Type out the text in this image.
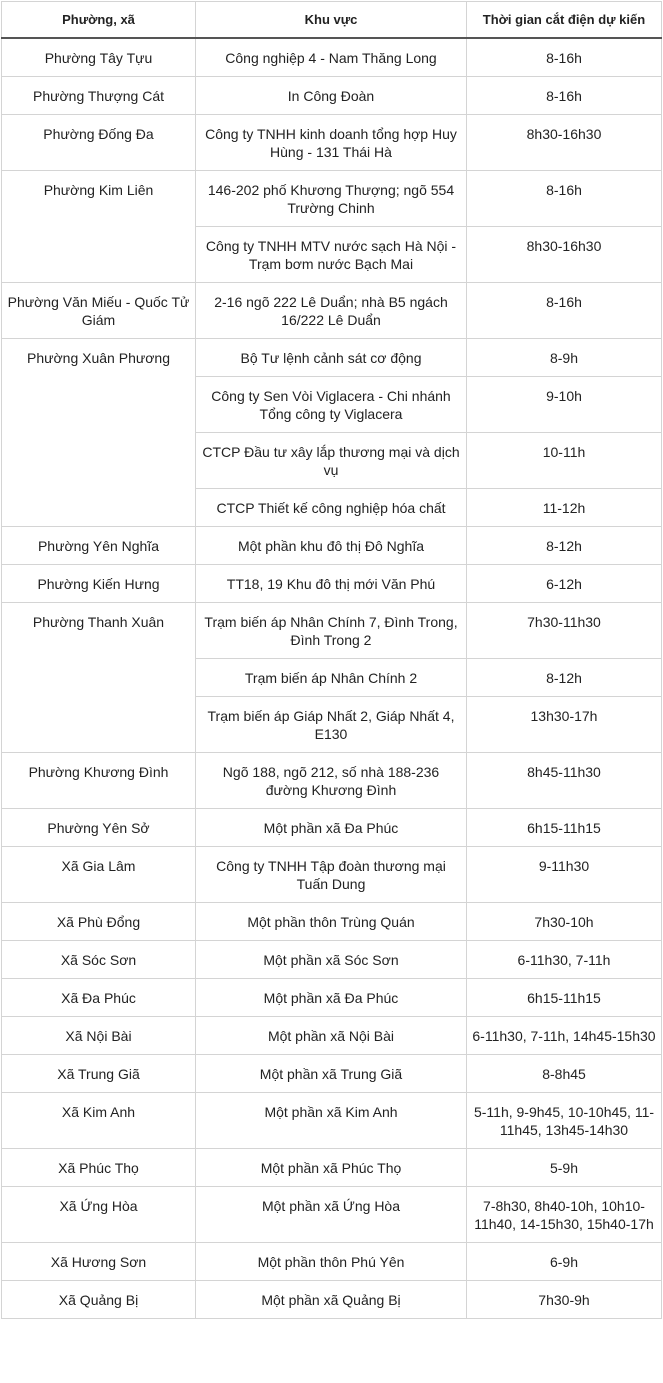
Phường, xã	Khu vực	Thời gian cắt điện dự kiến
Phường Tây Tựu	Công nghiệp 4 - Nam Thăng Long	8-16h
Phường Thượng Cát	In Công Đoàn	8-16h
Phường Đống Đa	Công ty TNHH kinh doanh tổng hợp Huy Hùng - 131 Thái Hà	8h30-16h30
Phường Kim Liên	146-202 phố Khương Thượng; ngõ 554 Trường Chinh	8-16h
	Công ty TNHH MTV nước sạch Hà Nội - Trạm bơm nước Bạch Mai	8h30-16h30
Phường Văn Miếu - Quốc Tử Giám	2-16 ngõ 222 Lê Duẩn; nhà B5 ngách 16/222 Lê Duẩn	8-16h
Phường Xuân Phương	Bộ Tư lệnh cảnh sát cơ động	8-9h
	Công ty Sen Vòi Viglacera - Chi nhánh Tổng công ty Viglacera	9-10h
	CTCP Đầu tư xây lắp thương mại và dịch vụ	10-11h
	CTCP Thiết kế công nghiệp hóa chất	11-12h
Phường Yên Nghĩa	Một phần khu đô thị Đô Nghĩa	8-12h
Phường Kiến Hưng	TT18, 19 Khu đô thị mới Văn Phú	6-12h
Phường Thanh Xuân	Trạm biến áp Nhân Chính 7, Đình Trong, Đình Trong 2	7h30-11h30
	Trạm biến áp Nhân Chính 2	8-12h
	Trạm biến áp Giáp Nhất 2, Giáp Nhất 4, E130	13h30-17h
Phường Khương Đình	Ngõ 188, ngõ 212, số nhà 188-236 đường Khương Đình	8h45-11h30
Phường Yên Sở	Một phần xã Đa Phúc	6h15-11h15
Xã Gia Lâm	Công ty TNHH Tập đoàn thương mại Tuấn Dung	9-11h30
Xã Phù Đổng	Một phần thôn Trùng Quán	7h30-10h
Xã Sóc Sơn	Một phần xã Sóc Sơn	6-11h30, 7-11h
Xã Đa Phúc	Một phần xã Đa Phúc	6h15-11h15
Xã Nội Bài	Một phần xã Nội Bài	6-11h30, 7-11h, 14h45-15h30
Xã Trung Giã	Một phần xã Trung Giã	8-8h45
Xã Kim Anh	Một phần xã Kim Anh	5-11h, 9-9h45, 10-10h45, 11-11h45, 13h45-14h30
Xã Phúc Thọ	Một phần xã Phúc Thọ	5-9h
Xã Ứng Hòa	Một phần xã Ứng Hòa	7-8h30, 8h40-10h, 10h10-11h40, 14-15h30, 15h40-17h
Xã Hương Sơn	Một phần thôn Phú Yên	6-9h
Xã Quảng Bị	Một phần xã Quảng Bị	7h30-9h
